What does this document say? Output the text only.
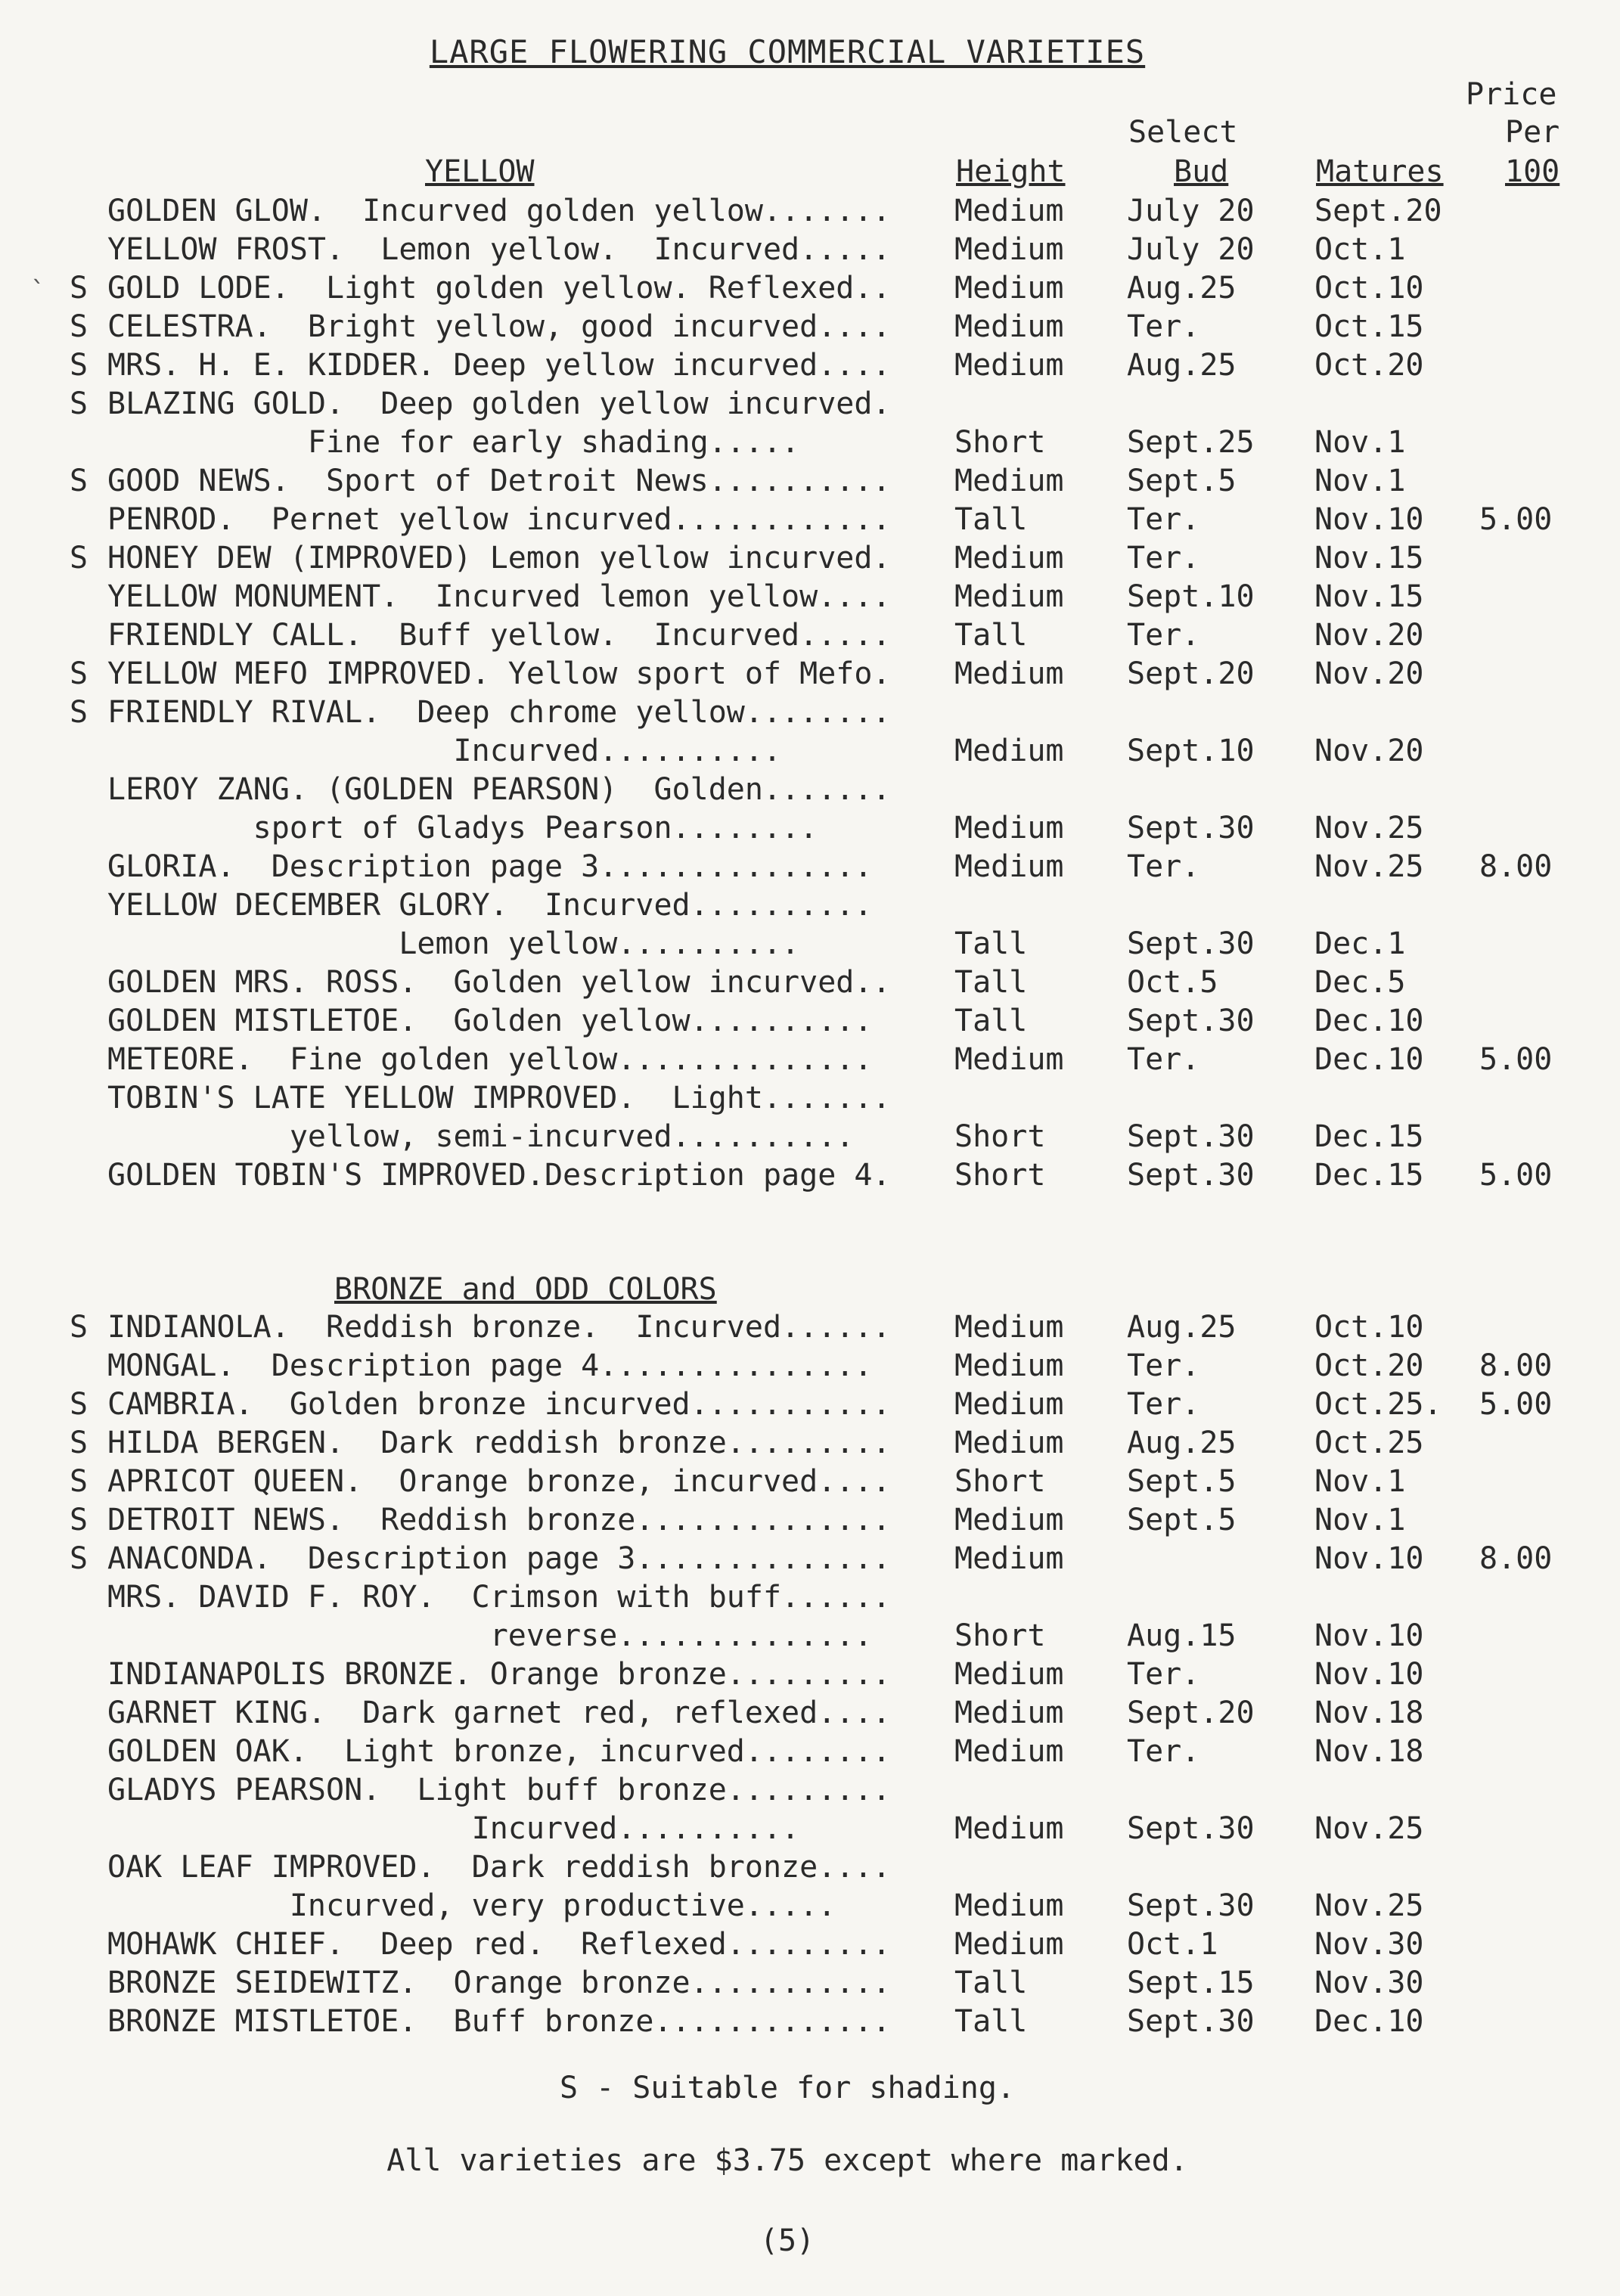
LARGE FLOWERING COMMERCIAL VARIETIES
Price
Select	Per
YELLOW	Height	Bud	Matures 100
`
GOLDEN GLOW.  Incurved golden yellow....... Medium July 20 Sept.20
YELLOW FROST.  Lemon yellow.  Incurved..... Medium July 20 Oct.1
S GOLD LODE.  Light golden yellow. Reflexed.. Medium Aug.25	Oct.10
S CELESTRA.  Bright yellow, good incurved.... Medium Ter.	Oct.15
S MRS. H. E. KIDDER. Deep yellow incurved.... Medium Aug.25	Oct.20
S BLAZING GOLD.  Deep golden yellow incurved.
Fine for early shading.....	Short	Sept.25 Nov.1
S GOOD NEWS.  Sport of Detroit News.......... Medium Sept.5	Nov.1
PENROD.  Pernet yellow incurved............ Tall	Ter.	Nov.10 5.00
S HONEY DEW (IMPROVED) Lemon yellow incurved. Medium Ter.	Nov.15
YELLOW MONUMENT.  Incurved lemon yellow.... Medium Sept.10 Nov.15
FRIENDLY CALL.  Buff yellow.  Incurved..... Tall	Ter.	Nov.20
S YELLOW MEFO IMPROVED. Yellow sport of Mefo. Medium Sept.20 Nov.20
S FRIENDLY RIVAL.  Deep chrome yellow........
Incurved..........	Medium Sept.10 Nov.20
LEROY ZANG. (GOLDEN PEARSON)  Golden.......
sport of Gladys Pearson........	Medium Sept.30 Nov.25
GLORIA.  Description page 3...............	Medium Ter.	Nov.25 8.00
YELLOW DECEMBER GLORY.  Incurved..........
Lemon yellow..........	Tall	Sept.30 Dec.1
GOLDEN MRS. ROSS.  Golden yellow incurved.. Tall	Oct.5	Dec.5
GOLDEN MISTLETOE.  Golden yellow..........	Tall	Sept.30 Dec.10
METEORE.  Fine golden yellow..............	Medium Ter.	Dec.10 5.00
TOBIN'S LATE YELLOW IMPROVED.  Light.......
yellow, semi-incurved..........	Short	Sept.30 Dec.15
GOLDEN TOBIN'S IMPROVED.Description page 4. Short	Sept.30 Dec.15 5.00
BRONZE and ODD COLORS
S INDIANOLA.  Reddish bronze.  Incurved...... Medium Aug.25	Oct.10
MONGAL.  Description page 4...............	Medium Ter.	Oct.20 8.00
S CAMBRIA.  Golden bronze incurved........... Medium Ter.	Oct.25. 5.00
S HILDA BERGEN.  Dark reddish bronze......... Medium Aug.25	Oct.25
S APRICOT QUEEN.  Orange bronze, incurved.... Short	Sept.5	Nov.1
S DETROIT NEWS.  Reddish bronze.............. Medium Sept.5	Nov.1
S ANACONDA.  Description page 3.............. Medium	Nov.10 8.00
MRS. DAVID F. ROY.  Crimson with buff......
reverse..............	Short	Aug.15	Nov.10
INDIANAPOLIS BRONZE. Orange bronze......... Medium Ter.	Nov.10
GARNET KING.  Dark garnet red, reflexed.... Medium Sept.20 Nov.18
GOLDEN OAK.  Light bronze, incurved........ Medium Ter.	Nov.18
GLADYS PEARSON.  Light buff bronze.........
Incurved..........	Medium Sept.30 Nov.25
OAK LEAF IMPROVED.  Dark reddish bronze....
Incurved, very productive.....	Medium Sept.30 Nov.25
MOHAWK CHIEF.  Deep red.  Reflexed......... Medium Oct.1	Nov.30
BRONZE SEIDEWITZ.  Orange bronze........... Tall	Sept.15 Nov.30
BRONZE MISTLETOE.  Buff bronze............. Tall	Sept.30 Dec.10
S - Suitable for shading.
All varieties are $3.75 except where marked.
(5)
